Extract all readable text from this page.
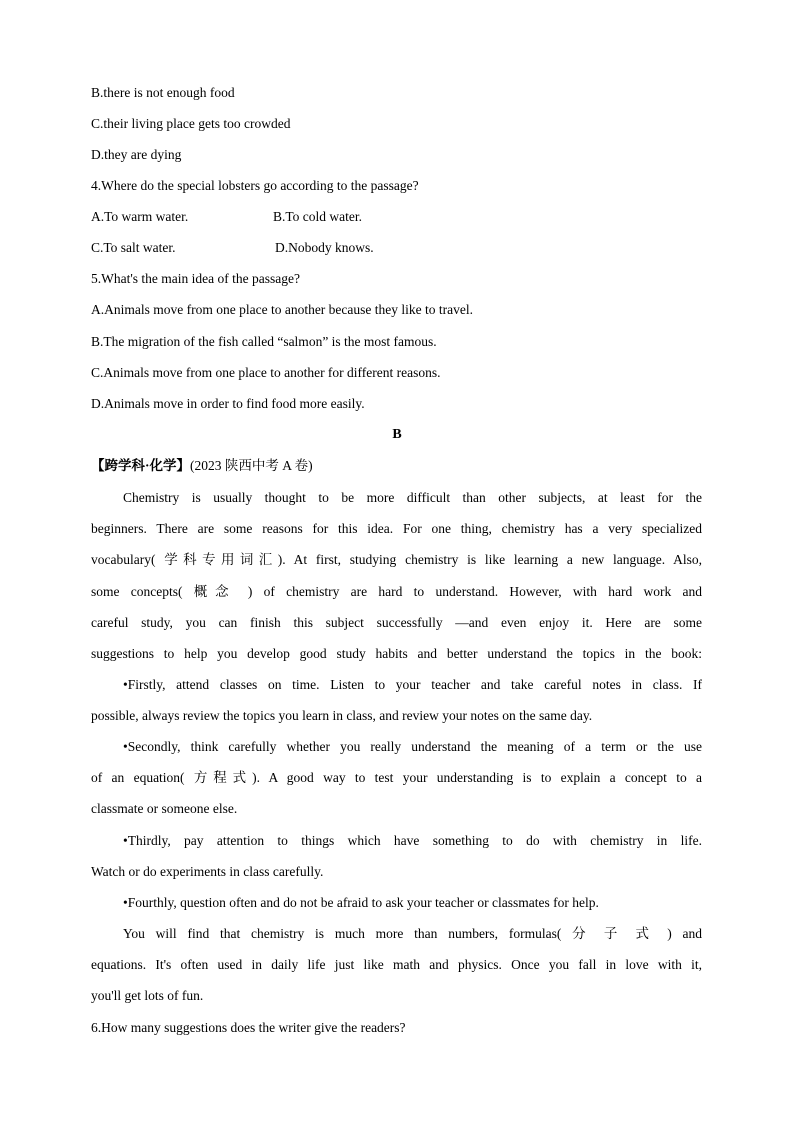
B.there is not enough food
C.their living place gets too crowded
D.they are dying
4.Where do the special lobsters go according to the passage?
A.To warm water.	B.To cold water.
C.To salt water.	D.Nobody knows.
5.What's the main idea of the passage?
A.Animals move from one place to another because they like to travel.
B.The migration of the fish called “salmon” is the most famous.
C.Animals move from one place to another for different reasons.
D.Animals move in order to find food more easily.
B
【跨学科·化学】(2023 陕西中考 A 卷)

Chemistry is usually thought to be more difficult than other subjects, at least for the

beginners. There are some reasons for this idea. For one thing, chemistry has a very specialized

vocabulary( 学科专用词汇). At first, studying chemistry is like learning a new language. Also,

some concepts( 概念 ) of chemistry are hard to understand. However, with hard work and

careful study, you can finish this subject successfully —and even enjoy it. Here are some

suggestions to help you develop good study habits and better understand the topics in the book:

•Firstly, attend classes on time. Listen to your teacher and take careful notes in class. If

possible, always review the topics you learn in class, and review your notes on the same day.

•Secondly, think carefully whether you really understand the meaning of a term or the use

of an equation( 方程式). A good way to test your understanding is to explain a concept to a

classmate or someone else.

•Thirdly, pay attention to things which have something to do with chemistry in life.

Watch or do experiments in class carefully.

•Fourthly, question often and do not be afraid to ask your teacher or classmates for help.

You will find that chemistry is much more than numbers, formulas( 分 子 式 ) and

equations. It's often used in daily life just like math and physics. Once you fall in love with it,

you'll get lots of fun.

6.How many suggestions does the writer give the readers?
